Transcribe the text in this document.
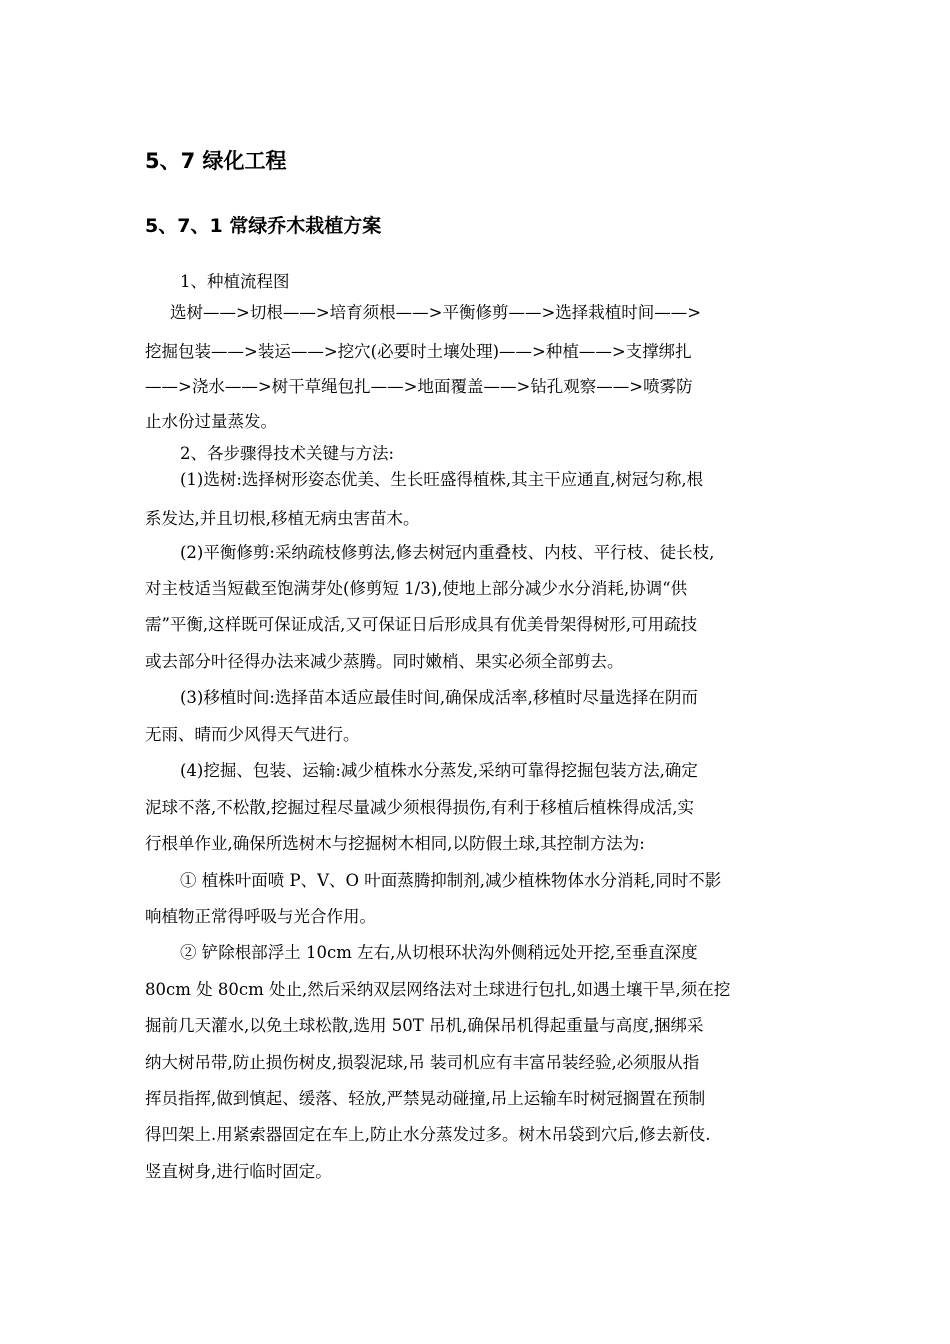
5、7 绿化工程
5、7、1 常绿乔木栽植方案
1、种植流程图
选树——>切根——>培育须根——>平衡修剪——>选择栽植时间——>
挖掘包装——>装运——>挖穴(必要时土壤处理)——>种植——>支撑绑扎
——>浇水——>树干草绳包扎——>地面覆盖——>钻孔观察——>喷雾防
止水份过量蒸发。
2、各步骤得技术关键与方法:
(1)选树:选择树形姿态优美、生长旺盛得植株,其主干应通直,树冠匀称,根
系发达,并且切根,移植无病虫害苗木。
(2)平衡修剪:采纳疏枝修剪法,修去树冠内重叠枝、内枝、平行枝、徒长枝,
对主枝适当短截至饱满芽处(修剪短 1/3),使地上部分减少水分消耗,协调“供
需”平衡,这样既可保证成活,又可保证日后形成具有优美骨架得树形,可用疏技
或去部分叶径得办法来减少蒸腾。同时嫩梢、果实必须全部剪去。
(3)移植时间:选择苗本适应最佳时间,确保成活率,移植时尽量选择在阴而
无雨、晴而少风得天气进行。
(4)挖掘、包装、运输:减少植株水分蒸发,采纳可靠得挖掘包装方法,确定
泥球不落,不松散,挖掘过程尽量减少须根得损伤,有利于移植后植株得成活,实
行根单作业,确保所选树木与挖掘树木相同,以防假土球,其控制方法为:
① 植株叶面喷 P、V、O 叶面蒸腾抑制剂,减少植株物体水分消耗,同时不影
响植物正常得呼吸与光合作用。
② 铲除根部浮土 10cm 左右,从切根环状沟外侧稍远处开挖,至垂直深度
80cm 处 80cm 处止,然后采纳双层网络法对土球进行包扎,如遇土壤干旱,须在挖
掘前几天灌水,以免土球松散,选用 50T 吊机,确保吊机得起重量与高度,捆绑采
纳大树吊带,防止损伤树皮,损裂泥球,吊 装司机应有丰富吊装经验,必须服从指
挥员指挥,做到慎起、缓落、轻放,严禁晃动碰撞,吊上运输车时树冠搁置在预制
得凹架上.用紧索器固定在车上,防止水分蒸发过多。树木吊袋到穴后,修去新伎.
竖直树身,进行临时固定。
